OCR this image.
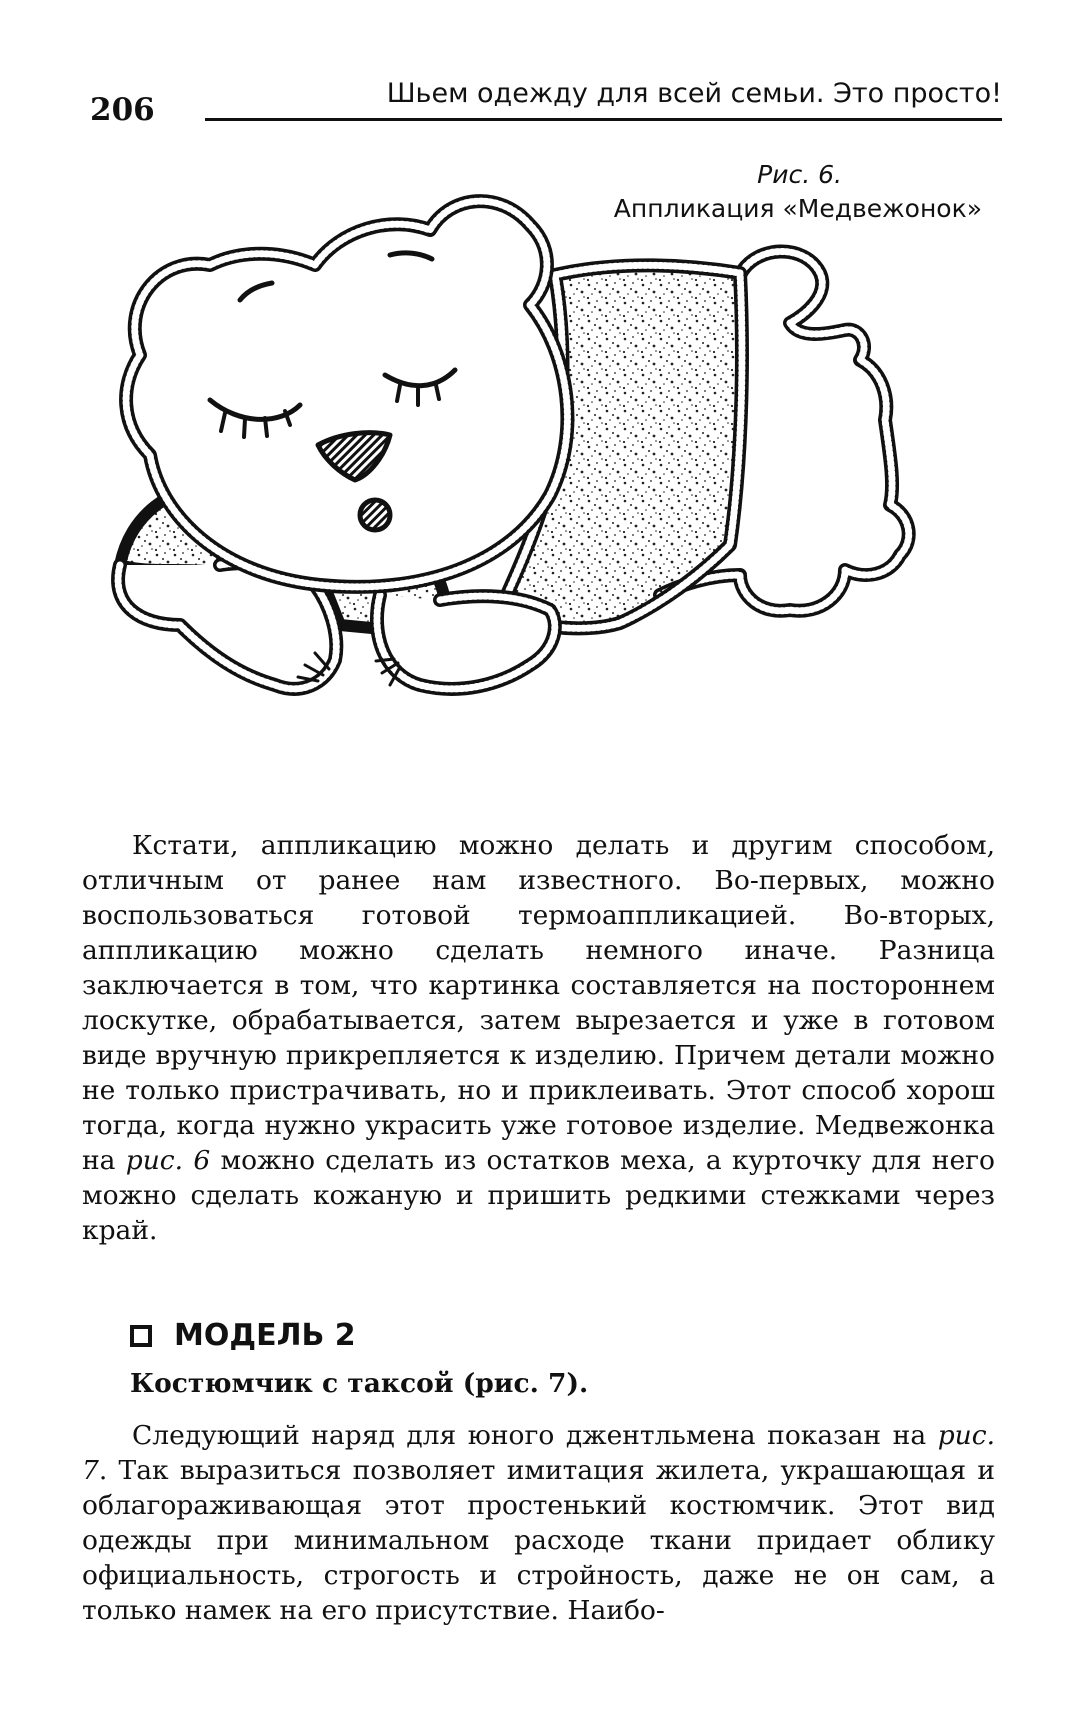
206	Шьем одежду для всей семьи. Это просто!
Рис. 6.
Аппликация «Медвежонок»

Кстати, аппликацию можно делать и другим способом, отличным от ранее нам известного. Во-первых, можно воспользоваться готовой термоаппликацией. Во-вторых, аппликацию можно сделать немного иначе. Разница заключается в том, что картинка составляется на постороннем лоскутке, обрабатывается, затем вырезается и уже в готовом виде вручную прикрепляется к изделию. Причем детали можно не только пристрачивать, но и приклеивать. Этот способ хорош тогда, когда нужно украсить уже готовое изделие. Медвежонка на рис. 6 можно сделать из остатков меха, а курточку для него можно сделать кожаную и пришить редкими стежками через край.

МОДЕЛЬ 2
Костюмчик с таксой (рис. 7).

Следующий наряд для юного джентльмена показан на рис. 7. Так выразиться позволяет имитация жилета, украшающая и облагораживающая этот простенький костюмчик. Этот вид одежды при минимальном расходе ткани придает облику официальность, строгость и стройность, даже не он сам, а только намек на его присутствие. Наибо-
